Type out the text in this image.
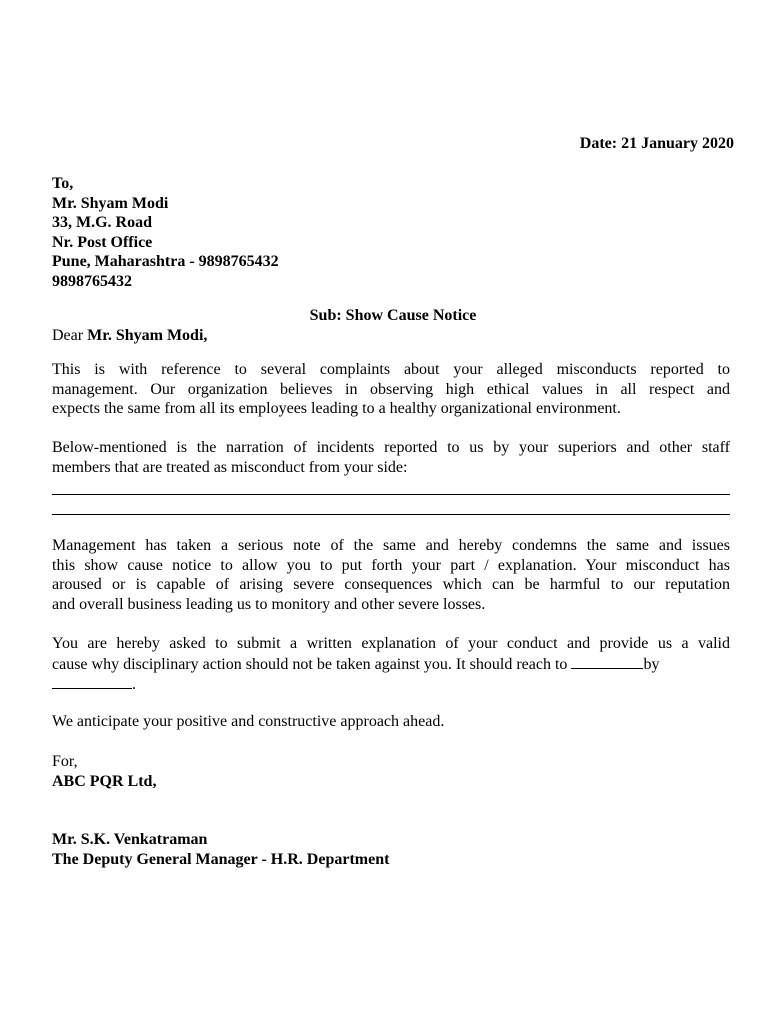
Date: 21 January 2020
To,
Mr. Shyam Modi
33, M.G. Road
Nr. Post Office
Pune, Maharashtra - 9898765432
9898765432
Sub: Show Cause Notice
Dear Mr. Shyam Modi,
This is with reference to several complaints about your alleged misconducts reported to
management. Our organization believes in observing high ethical values in all respect and
expects the same from all its employees leading to a healthy organizational environment.
Below-mentioned is the narration of incidents reported to us by your superiors and other staff
members that are treated as misconduct from your side:
Management has taken a serious note of the same and hereby condemns the same and issues
this show cause notice to allow you to put forth your part / explanation. Your misconduct has
aroused or is capable of arising severe consequences which can be harmful to our reputation
and overall business leading us to monitory and other severe losses.
You are hereby asked to submit a written explanation of your conduct and provide us a valid
cause why disciplinary action should not be taken against you. It should reach to	by
.
We anticipate your positive and constructive approach ahead.
For,
ABC PQR Ltd,
Mr. S.K. Venkatraman
The Deputy General Manager - H.R. Department
